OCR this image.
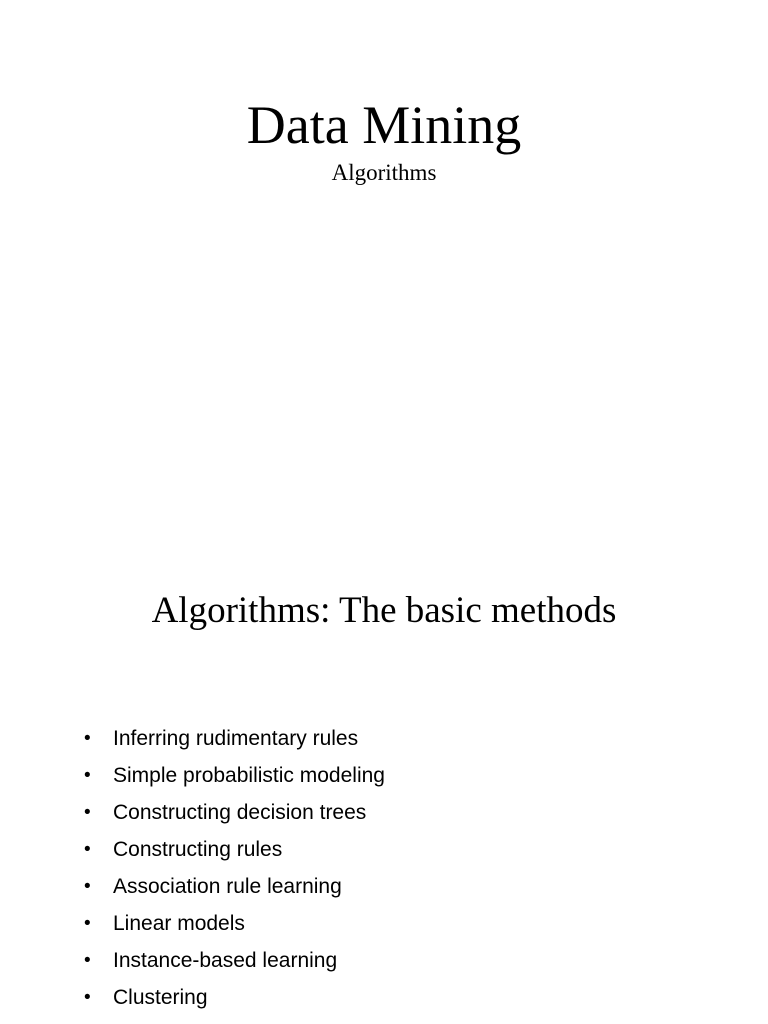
Data Mining
Algorithms
Algorithms: The basic methods
•	Inferring rudimentary rules
•	Simple probabilistic modeling
•	Constructing decision trees
•	Constructing rules
•	Association rule learning
•	Linear models
•	Instance-based learning
•	Clustering
